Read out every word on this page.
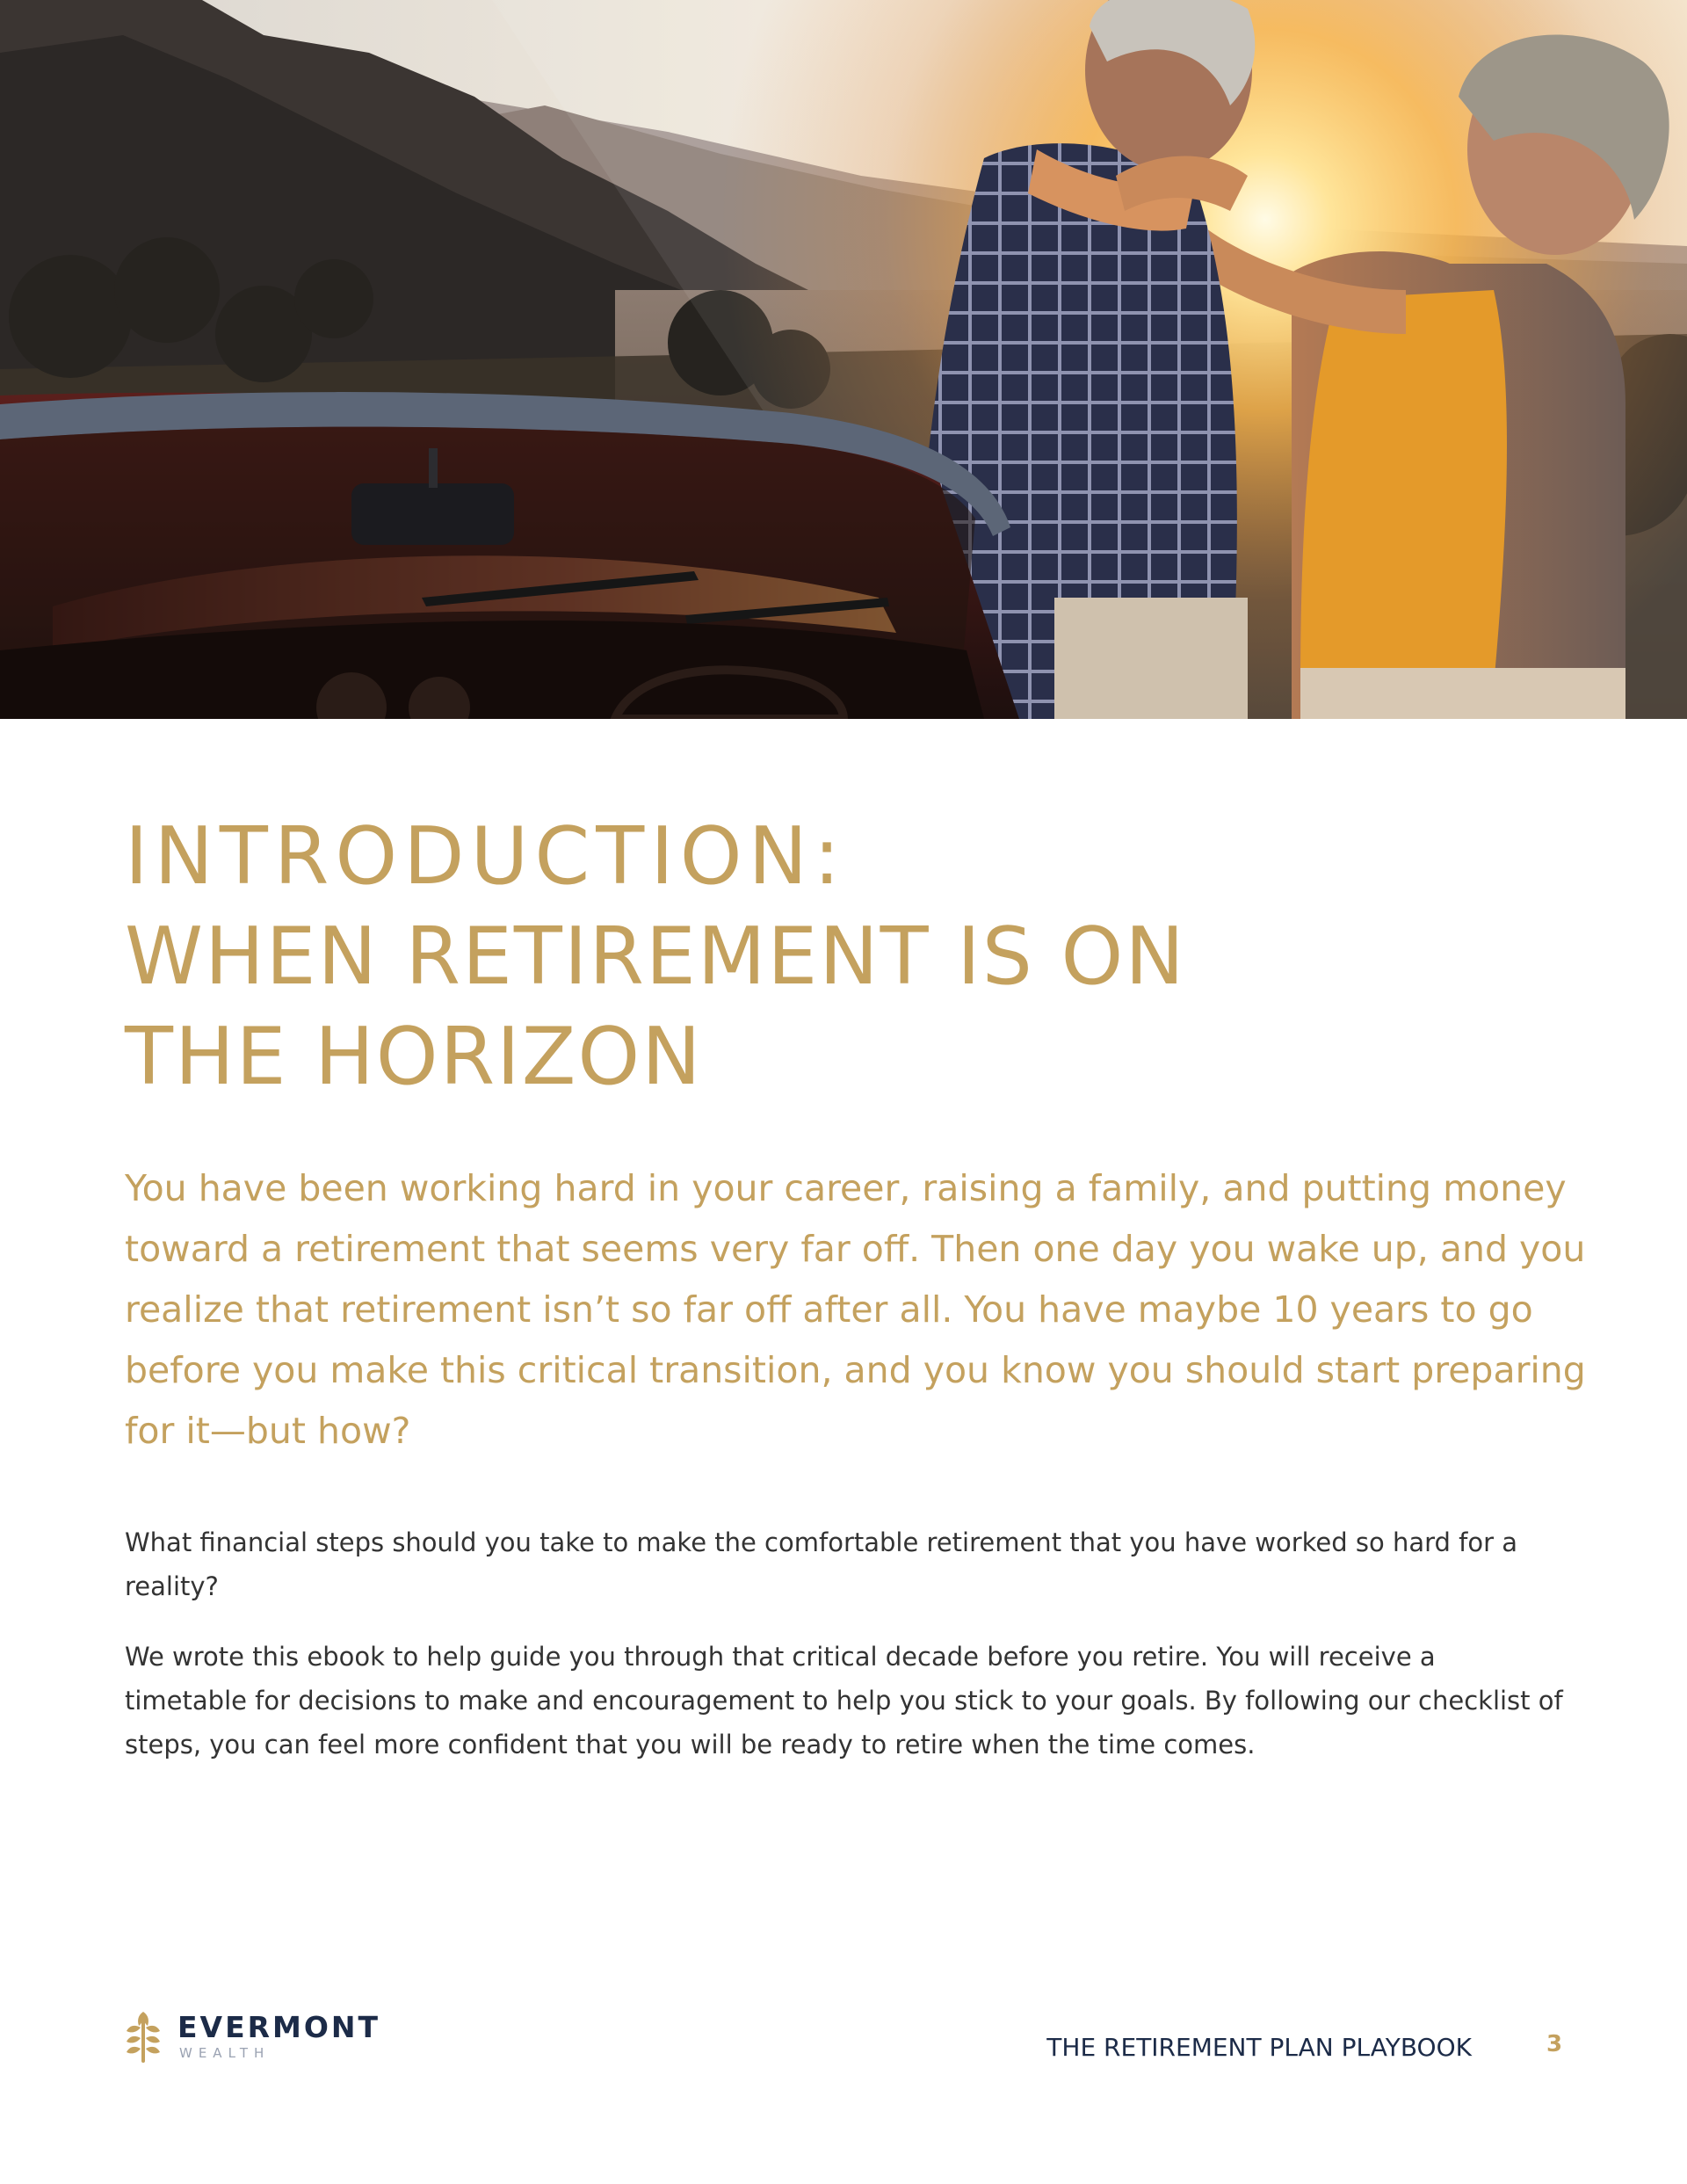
INTRODUCTION:
WHEN RETIREMENT IS ON
THE HORIZON

You have been working hard in your career, raising a family, and putting money
toward a retirement that seems very far off. Then one day you wake up, and you
realize that retirement isn’t so far off after all. You have maybe 10 years to go
before you make this critical transition, and you know you should start preparing
for it—but how?

What financial steps should you take to make the comfortable retirement that you have worked so hard for a
reality?

We wrote this ebook to help guide you through that critical decade before you retire. You will receive a
timetable for decisions to make and encouragement to help you stick to your goals. By following our checklist of
steps, you can feel more confident that you will be ready to retire when the time comes.

EVERMONT
WEALTH	THE RETIREMENT PLAN PLAYBOOK	3
